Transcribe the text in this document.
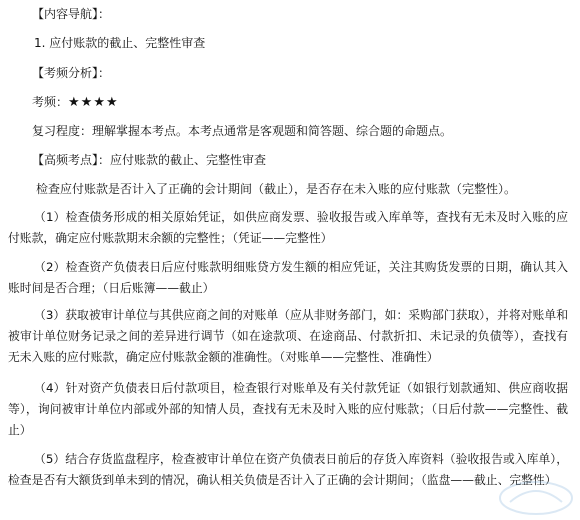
【内容导航】：
1. 应付账款的截止、完整性审查
【考频分析】：
考频：★★★★
复习程度：理解掌握本考点。本考点通常是客观题和简答题、综合题的命题点。
【高频考点】：应付账款的截止、完整性审查
检查应付账款是否计入了正确的会计期间（截止），是否存在未入账的应付账款（完整性）。
（1）检查债务形成的相关原始凭证，如供应商发票、验收报告或入库单等，查找有无未及时入账的应付账款，确定应付账款期末余额的完整性；（凭证——完整性）
（2）检查资产负债表日后应付账款明细账贷方发生额的相应凭证，关注其购货发票的日期，确认其入账时间是否合理；（日后账簿——截止）
（3）获取被审计单位与其供应商之间的对账单（应从非财务部门，如：采购部门获取），并将对账单和被审计单位财务记录之间的差异进行调节（如在途款项、在途商品、付款折扣、未记录的负债等），查找有无未入账的应付账款，确定应付账款金额的准确性。（对账单——完整性、准确性）
（4）针对资产负债表日后付款项目，检查银行对账单及有关付款凭证（如银行划款通知、供应商收据等），询问被审计单位内部或外部的知情人员，查找有无未及时入账的应付账款；（日后付款——完整性、截止）
（5）结合存货监盘程序，检查被审计单位在资产负债表日前后的存货入库资料（验收报告或入库单），检查是否有大额货到单未到的情况，确认相关负债是否计入了正确的会计期间；（监盘——截止、完整性）
